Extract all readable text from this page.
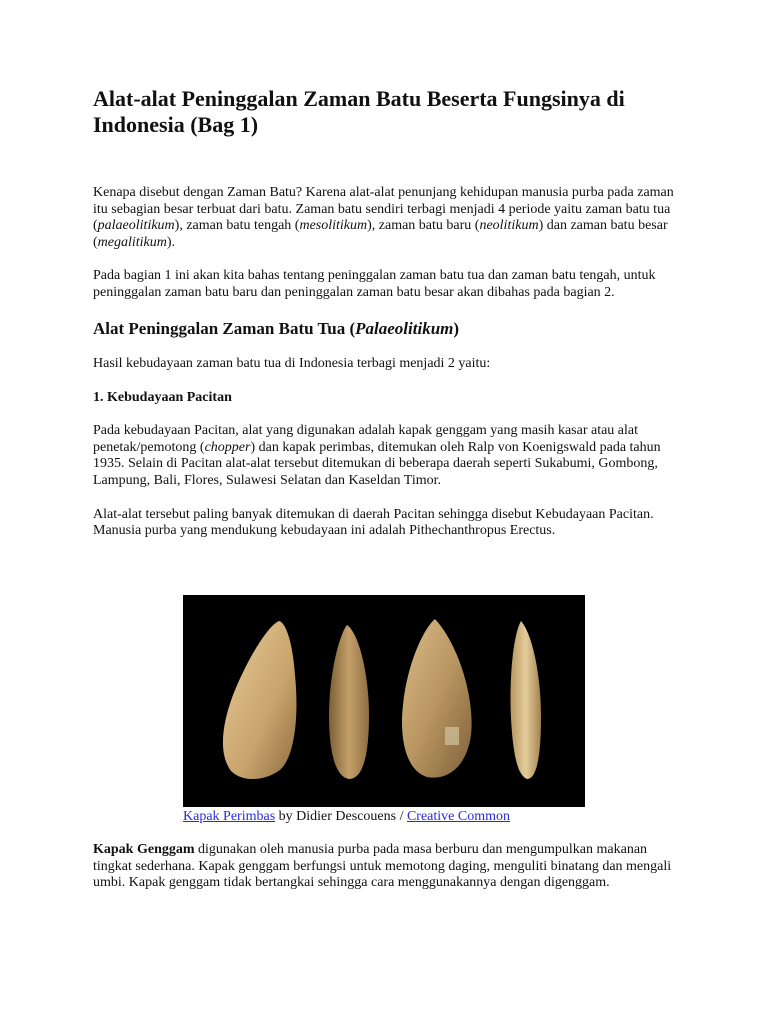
Alat-alat Peninggalan Zaman Batu Beserta Fungsinya di Indonesia (Bag 1)

Kenapa disebut dengan Zaman Batu? Karena alat-alat penunjang kehidupan manusia purba pada zaman itu sebagian besar terbuat dari batu. Zaman batu sendiri terbagi menjadi 4 periode yaitu zaman batu tua (palaeolitikum), zaman batu tengah (mesolitikum), zaman batu baru (neolitikum) dan zaman batu besar (megalitikum).

Pada bagian 1 ini akan kita bahas tentang peninggalan zaman batu tua dan zaman batu tengah, untuk peninggalan zaman batu baru dan peninggalan zaman batu besar akan dibahas pada bagian 2.

Alat Peninggalan Zaman Batu Tua (Palaeolitikum)

Hasil kebudayaan zaman batu tua di Indonesia terbagi menjadi 2 yaitu:

1. Kebudayaan Pacitan

Pada kebudayaan Pacitan, alat yang digunakan adalah kapak genggam yang masih kasar atau alat penetak/pemotong (chopper) dan kapak perimbas, ditemukan oleh Ralp von Koenigswald pada tahun 1935. Selain di Pacitan alat-alat tersebut ditemukan di beberapa daerah seperti Sukabumi, Gombong, Lampung, Bali, Flores, Sulawesi Selatan dan Kaseldan Timor.

Alat-alat tersebut paling banyak ditemukan di daerah Pacitan sehingga disebut Kebudayaan Pacitan. Manusia purba yang mendukung kebudayaan ini adalah Pithechanthropus Erectus.

Kapak Perimbas by Didier Descouens / Creative Common

Kapak Genggam digunakan oleh manusia purba pada masa berburu dan mengumpulkan makanan tingkat sederhana. Kapak genggam berfungsi untuk memotong daging, menguliti binatang dan mengali umbi. Kapak genggam tidak bertangkai sehingga cara menggunakannya dengan digenggam.
